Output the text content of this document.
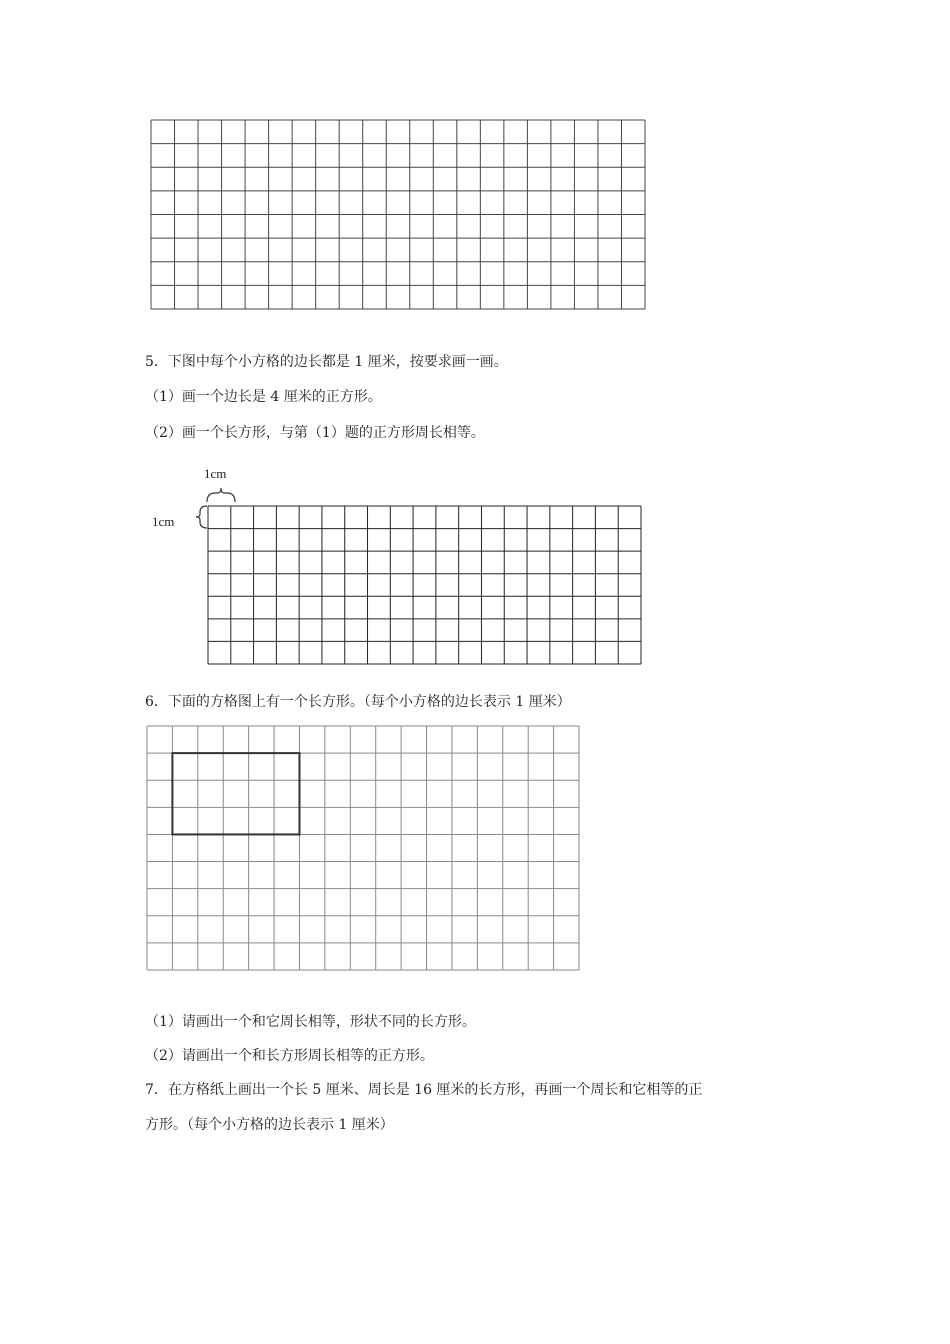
5．下图中每个小方格的边长都是 1 厘米，按要求画一画。

（1）画一个边长是 4 厘米的正方形。

（2）画一个长方形，与第（1）题的正方形周长相等。

1cm
1cm

6．下面的方格图上有一个长方形。（每个小方格的边长表示 1 厘米）

（1）请画出一个和它周长相等，形状不同的长方形。

（2）请画出一个和长方形周长相等的正方形。

7．在方格纸上画出一个长 5 厘米、周长是 16 厘米的长方形，再画一个周长和它相等的正

方形。（每个小方格的边长表示 1 厘米）
